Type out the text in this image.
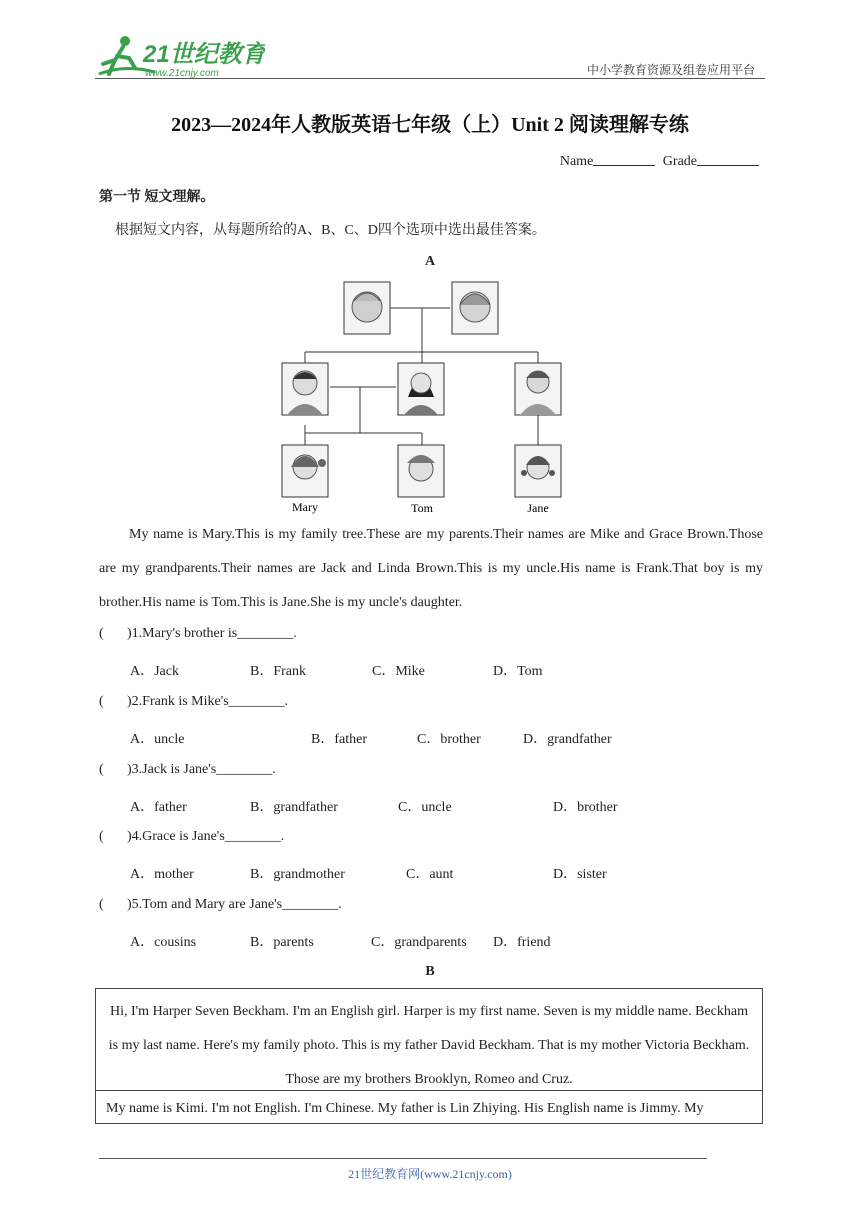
21世纪教育
www.21cnjy.com	中小学教育资源及组卷应用平台
2023—2024年人教版英语七年级（上）Unit 2 阅读理解专练
Name	Grade
第一节 短文理解。
根据短文内容，从每题所给的A、B、C、D四个选项中选出最佳答案。
A
Mary	Tom	Jane

My name is Mary.This is my family tree.These are my parents.Their names are Mike and Grace Brown.Those are my grandparents.Their names are Jack and Linda Brown.This is my uncle.His name is Frank.That boy is my brother.His name is Tom.This is Jane.She is my uncle's daughter.

( )1.Mary's brother is________.
A．Jack	B．Frank	C．Mike	D．Tom
( )2.Frank is Mike's________.
A．uncle	B．father	C．brother	D．grandfather
( )3.Jack is Jane's________.
A．father	B．grandfather	C．uncle	D．brother
( )4.Grace is Jane's________.
A．mother	B．grandmother	C．aunt	D．sister
( )5.Tom and Mary are Jane's________.
A．cousins	B．parents	C．grandparents D．friend
B

Hi, I'm Harper Seven Beckham. I'm an English girl. Harper is my first name. Seven is my middle name. Beckham is my last name. Here's my family photo. This is my father David Beckham. That is my mother Victoria Beckham. Those are my brothers Brooklyn, Romeo and Cruz.

My name is Kimi. I'm not English. I'm Chinese. My father is Lin Zhiying. His English name is Jimmy. My

21世纪教育网(www.21cnjy.com)
